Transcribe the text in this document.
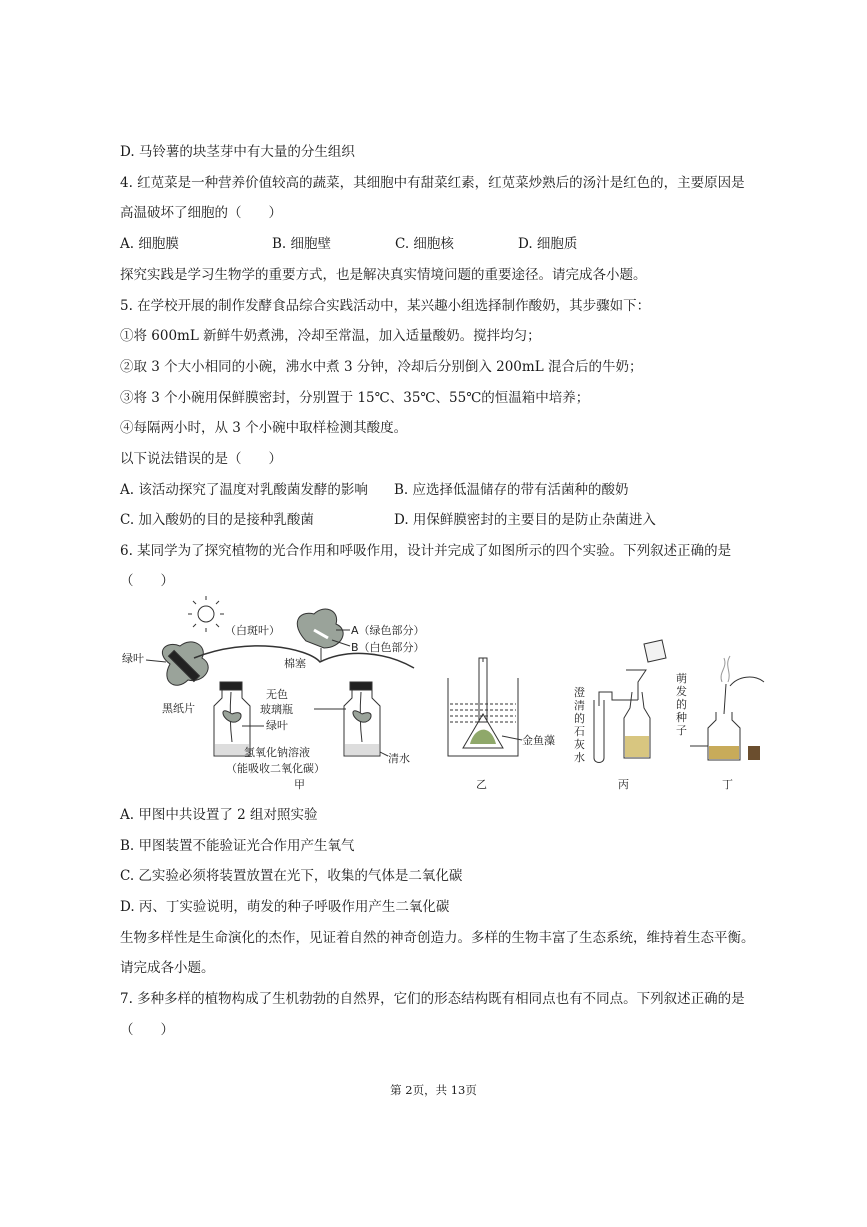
D. 马铃薯的块茎芽中有大量的分生组织
4. 红苋菜是一种营养价值较高的蔬菜，其细胞中有甜菜红素，红苋菜炒熟后的汤汁是红色的，主要原因是
高温破坏了细胞的（　　）
A. 细胞膜	B. 细胞壁	C. 细胞核	D. 细胞质
探究实践是学习生物学的重要方式，也是解决真实情境问题的重要途径。请完成各小题。
5. 在学校开展的制作发酵食品综合实践活动中，某兴趣小组选择制作酸奶，其步骤如下：
①将 600mL 新鲜牛奶煮沸，冷却至常温，加入适量酸奶。搅拌均匀；
②取 3 个大小相同的小碗，沸水中煮 3 分钟，冷却后分别倒入 200mL 混合后的牛奶；
③将 3 个小碗用保鲜膜密封，分别置于 15℃、35℃、55℃的恒温箱中培养；
④每隔两小时，从 3 个小碗中取样检测其酸度。
以下说法错误的是（　　）
A. 该活动探究了温度对乳酸菌发酵的影响 B. 应选择低温储存的带有活菌种的酸奶
C. 加入酸奶的目的是接种乳酸菌	D. 用保鲜膜密封的主要目的是防止杂菌进入
6. 某同学为了探究植物的光合作用和呼吸作用，设计并完成了如图所示的四个实验。下列叙述正确的是
（　　）
（白斑叶）	A（绿色部分）
B（白色部分）
绿叶
黑纸片
棉塞
无色
玻璃瓶
绿叶
氢氧化钠溶液
（能吸收二氧化碳）
清水
甲
金鱼藻
乙
澄
清
的
石
灰
水
丙
萌
发
的
种
子
丁
A. 甲图中共设置了 2 组对照实验
B. 甲图装置不能验证光合作用产生氧气
C. 乙实验必须将装置放置在光下，收集的气体是二氧化碳
D. 丙、丁实验说明，萌发的种子呼吸作用产生二氧化碳
生物多样性是生命演化的杰作，见证着自然的神奇创造力。多样的生物丰富了生态系统，维持着生态平衡。
请完成各小题。
7. 多种多样的植物构成了生机勃勃的自然界，它们的形态结构既有相同点也有不同点。下列叙述正确的是
（　　）
第 2页，共 13页
